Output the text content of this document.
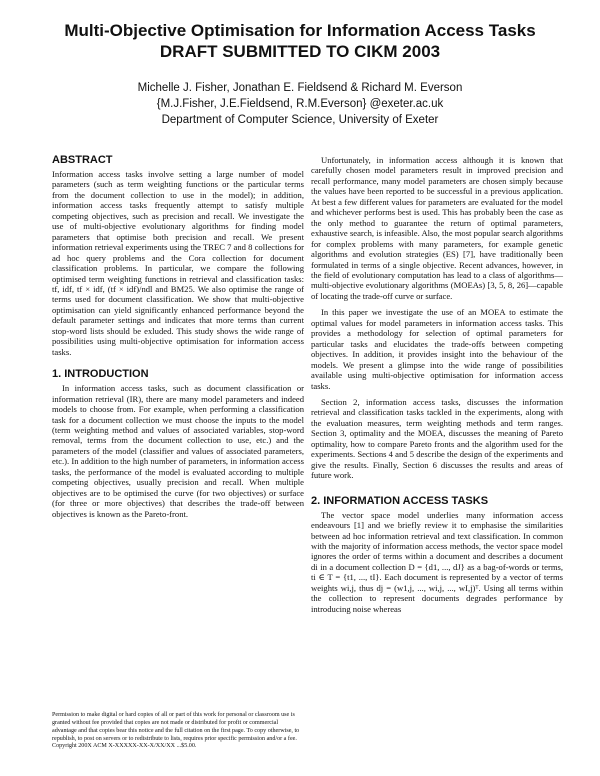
Multi-Objective Optimisation for Information Access Tasks
DRAFT SUBMITTED TO CIKM 2003
Michelle J. Fisher, Jonathan E. Fieldsend & Richard M. Everson
{M.J.Fisher, J.E.Fieldsend, R.M.Everson} @exeter.ac.uk
Department of Computer Science, University of Exeter
ABSTRACT

Information access tasks involve setting a large number of model parameters (such as term weighting functions or the particular terms from the document collection to use in the model); in addition, information access tasks frequently attempt to satisfy multiple competing objectives, such as precision and recall. We investigate the use of multi-objective evolutionary algorithms for finding model parameters that optimise both precision and recall. We present information retrieval experiments using the TREC 7 and 8 collections for ad hoc query problems and the Cora collection for document classification problems. In particular, we compare the following optimised term weighting functions in retrieval and classification tasks: tf, idf, tf × idf, (tf × idf)/ndl and BM25. We also optimise the range of terms used for document classification. We show that multi-objective optimisation can yield significantly enhanced performance beyond the default parameter settings and indicates that more terms than current stop-word lists should be exluded. This study shows the wide range of possibilities using multi-objective optimisation for information access tasks.

1. INTRODUCTION

In information access tasks, such as document classification or information retrieval (IR), there are many model parameters and indeed models to choose from. For example, when performing a classification task for a document collection we must choose the inputs to the model (term weighting method and values of associated variables, stop-word removal, terms from the document collection to use, etc.) and the parameters of the model (classifier and values of associated parameters, etc.). In addition to the high number of parameters, in information access tasks, the performance of the model is evaluated according to multiple competing objectives, usually precision and recall. When multiple objectives are to be optimised the curve (for two objectives) or surface (for three or more objectives) that describes the trade-off between objectives is known as the Pareto-front.

Permission to make digital or hard copies of all or part of this work for personal or classroom use is granted without fee provided that copies are not made or distributed for profit or commercial advantage and that copies bear this notice and the full citation on the first page. To copy otherwise, to republish, to post on servers or to redistribute to lists, requires prior specific permission and/or a fee.

Copyright 200X ACM X-XXXXX-XX-X/XX/XX ...$5.00.

Unfortunately, in information access although it is known that carefully chosen model parameters result in improved precision and recall performance, many model parameters are chosen simply because the values have been reported to be successful in a previous application. At best a few different values for parameters are evaluated for the model and whichever performs best is used. This has probably been the case as the only method to guarantee the return of optimal parameters, exhaustive search, is infeasible. Also, the most popular search algorithms for complex problems with many parameters, for example genetic algorithms and evolution strategies (ES) [7], have traditionally been formulated in terms of a single objective. Recent advances, however, in the field of evolutionary computation has lead to a class of algorithms—multi-objective evolutionary algorithms (MOEAs) [3, 5, 8, 26]—capable of locating the trade-off curve or surface.

In this paper we investigate the use of an MOEA to estimate the optimal values for model parameters in information access tasks. This provides a methodology for selection of optimal parameters for particular tasks and elucidates the trade-offs between competing objectives. In addition, it provides insight into the behaviour of the models. We present a glimpse into the wide range of possibilities available using multi-objective optimisation for information access tasks.

Section 2, information access tasks, discusses the information retrieval and classification tasks tackled in the experiments, along with the evaluation measures, term weighting methods and term ranges. Section 3, optimality and the MOEA, discusses the meaning of Pareto optimality, how to compare Pareto fronts and the algorithm used for the experiments. Sections 4 and 5 describe the design of the experiments and give the results. Finally, Section 6 discusses the results and areas of future work.

2. INFORMATION ACCESS TASKS

The vector space model underlies many information access endeavours [1] and we briefly review it to emphasise the similarities between ad hoc information retrieval and text classification. In common with the majority of information access methods, the vector space model ignores the order of terms within a document and describes a document di in a document collection D = {d1, ..., dJ} as a bag-of-words or terms, ti ∈ T = {t1, ..., tI}. Each document is represented by a vector of terms weights wi,j, thus dj = (w1,j, ..., wi,j, ..., wI,j)ᵀ. Using all terms within the collection to represent documents degrades performance by introducing noise whereas
